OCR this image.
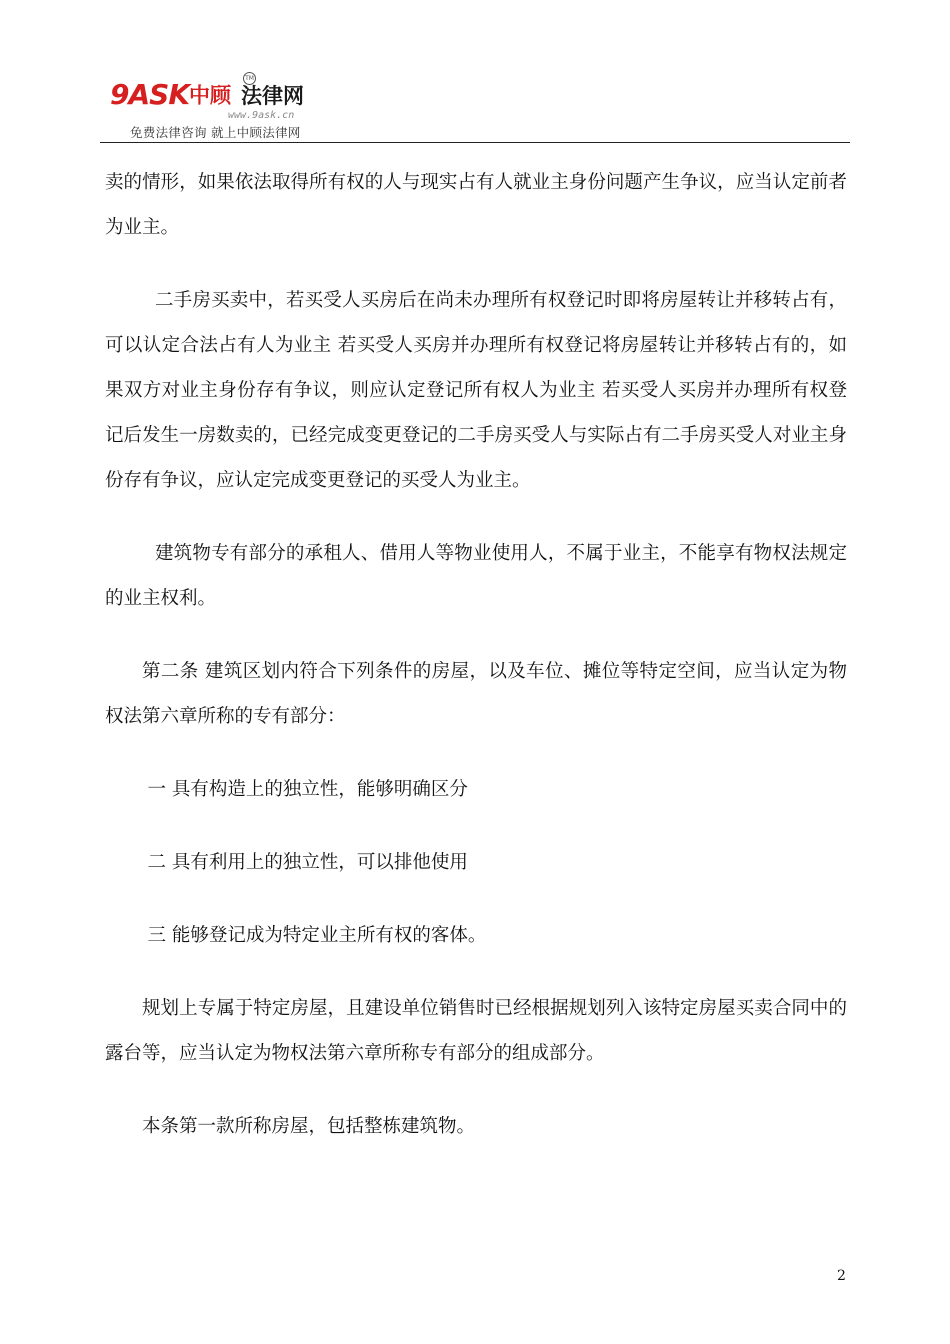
9ASK中顾 法律网
TM
www.9ask.cn
免费法律咨询 就上中顾法律网

卖的情形，如果依法取得所有权的人与现实占有人就业主身份问题产生争议，应当认定前者为业主。

二手房买卖中，若买受人买房后在尚未办理所有权登记时即将房屋转让并移转占有，可以认定合法占有人为业主 若买受人买房并办理所有权登记将房屋转让并移转占有的，如果双方对业主身份存有争议，则应认定登记所有权人为业主 若买受人买房并办理所有权登记后发生一房数卖的，已经完成变更登记的二手房买受人与实际占有二手房买受人对业主身份存有争议，应认定完成变更登记的买受人为业主。

建筑物专有部分的承租人、借用人等物业使用人，不属于业主，不能享有物权法规定的业主权利。

第二条 建筑区划内符合下列条件的房屋，以及车位、摊位等特定空间，应当认定为物权法第六章所称的专有部分：

一 具有构造上的独立性，能够明确区分

二 具有利用上的独立性，可以排他使用

三 能够登记成为特定业主所有权的客体。

规划上专属于特定房屋，且建设单位销售时已经根据规划列入该特定房屋买卖合同中的露台等，应当认定为物权法第六章所称专有部分的组成部分。

本条第一款所称房屋，包括整栋建筑物。

2
